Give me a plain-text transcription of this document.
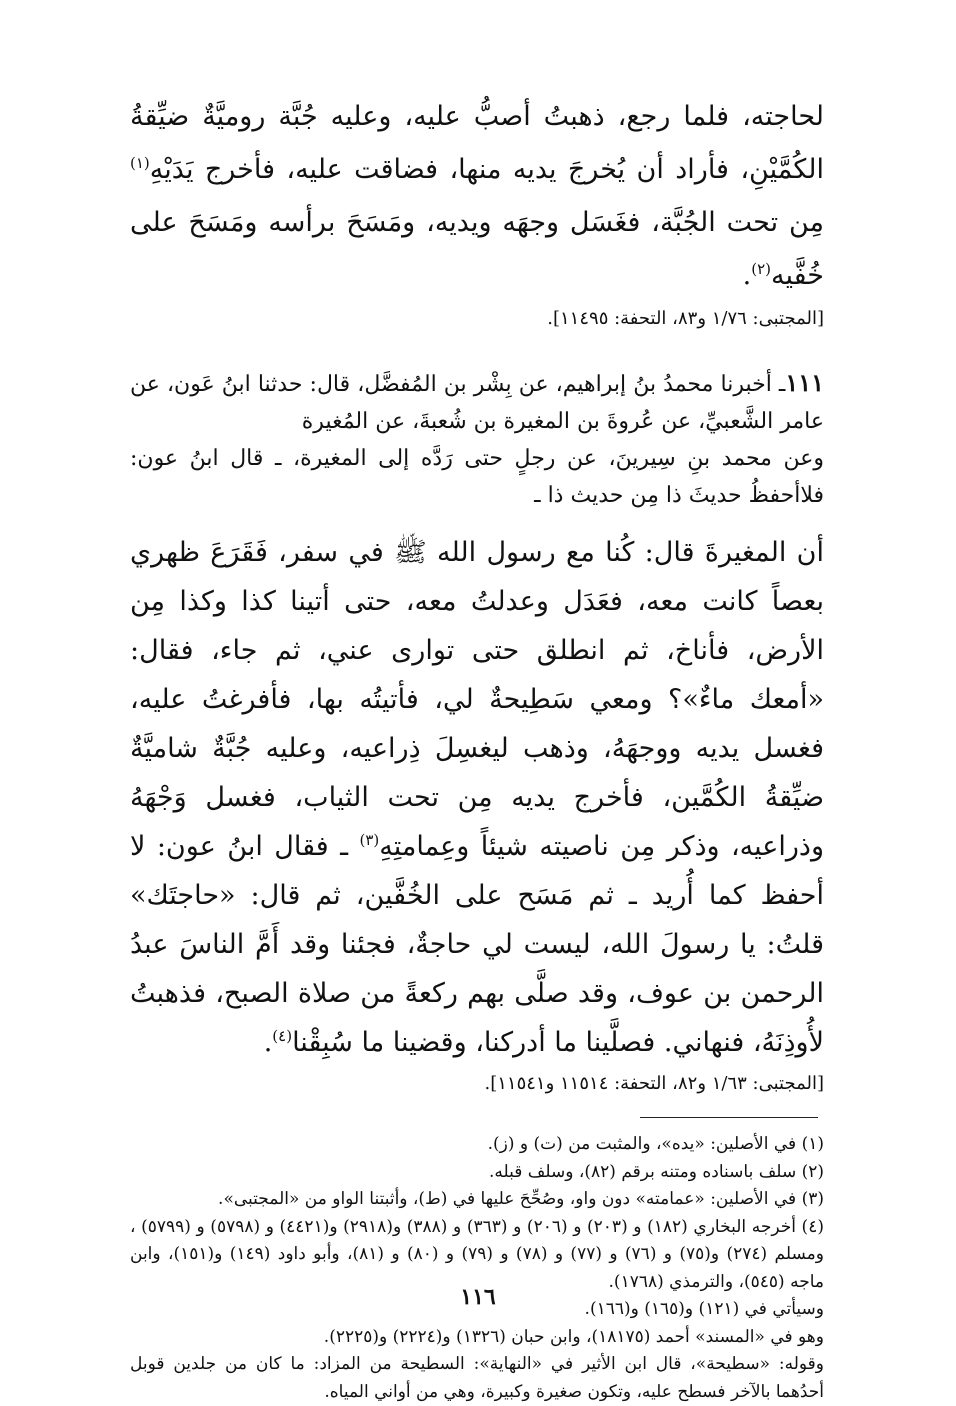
لحاجته، فلما رجع، ذهبتُ أصبُّ عليه، وعليه جُبَّة روميَّةٌ ضيِّقةُ الكُمَّيْنِ، فأراد أن يُخرجَ يديه منها، فضاقت عليه، فأخرج يَدَيْهِ$^{(١)}$ مِن تحت الجُبَّة، فغَسَل وجهَه ويديه، ومَسَحَ برأسه ومَسَحَ على خُفَّيه$^{(٢)}$.

[المجتبى: ١/٧٦ و٨٣، التحفة: ١١٤٩٥].

١١١ـ أخبرنا محمدُ بنُ إبراهيم، عن بِشْر بن المُفضَّل، قال: حدثنا ابنُ عَون، عن عامر الشَّعبيِّ، عن عُروةَ بن المغيرة بن شُعبةَ، عن المُغيرة

وعن محمد بنِ سِيرينَ، عن رجلٍ حتى رَدَّه إلى المغيرة، ـ قال ابنُ عون: فلاأحفظُ حديثَ ذا مِن حديث ذا ـ

أن المغيرةَ قال: كُنا مع رسول الله ﷺ في سفر، فَقَرَعَ ظهري بعصاً كانت معه، فعَدَل وعدلتُ معه، حتى أتينا كذا وكذا مِن الأرض، فأناخ، ثم انطلق حتى توارى عني، ثم جاء، فقال: «أمعك ماءٌ»؟ ومعي سَطِيحةٌ لي، فأتيتُه بها، فأفرغتُ عليه، فغسل يديه ووجهَهُ، وذهب ليغسِلَ ذِراعيه، وعليه جُبَّةٌ شاميَّةٌ ضيِّقةُ الكُمَّين، فأخرج يديه مِن تحت الثياب، فغسل وَجْهَهُ وذراعيه، وذكر مِن ناصيته شيئاً وعِمامتِهِ$^{(٣)}$ ـ فقال ابنُ عون: لا أحفظ كما أُريد ـ ثم مَسَح على الخُفَّين، ثم قال: «حاجتَك» قلتُ: يا رسولَ الله، ليست لي حاجةٌ، فجئنا وقد أَمَّ الناسَ عبدُ الرحمن بن عوف، وقد صلَّى بهم ركعةً من صلاة الصبح، فذهبتُ لأُوذِنَهُ، فنهاني. فصلَّينا ما أدركنا، وقضينا ما سُبِقْنا$^{(٤)}$.

[المجتبى: ١/٦٣ و٨٢، التحفة: ١١٥١٤ و١١٥٤١].

(١) في الأصلين: «يده»، والمثبت من (ت) و (ز).

(٢) سلف باسناده ومتنه برقم (٨٢)، وسلف قبله.

(٣) في الأصلين: «عمامته» دون واو، وصُحِّحَ عليها في (ط)، وأثبتنا الواو من «المجتبى».

(٤) أخرجه البخاري (١٨٢) و (٢٠٣) و (٢٠٦) و (٣٦٣) و (٣٨٨) و(٢٩١٨) و(٤٤٢١) و (٥٧٩٨) و (٥٧٩٩) ، ومسلم (٢٧٤) و(٧٥) و (٧٦) و (٧٧) و (٧٨) و (٧٩) و (٨٠) و (٨١)، وأبو داود (١٤٩) و(١٥١)، وابن ماجه (٥٤٥)، والترمذي (١٧٦٨).

وسيأتي في (١٢١) و(١٦٥) و(١٦٦).

وهو في «المسند» أحمد (١٨١٧٥)، وابن حبان (١٣٢٦) و(٢٢٢٤) و(٢٢٢٥).

وقوله: «سطيحة»، قال ابن الأثير في «النهاية»: السطيحة من المزاد: ما كان من جلدين قوبل أحدُهما بالآخر فسطح عليه، وتكون صغيرة وكبيرة، وهي من أواني المياه.

١١٦
